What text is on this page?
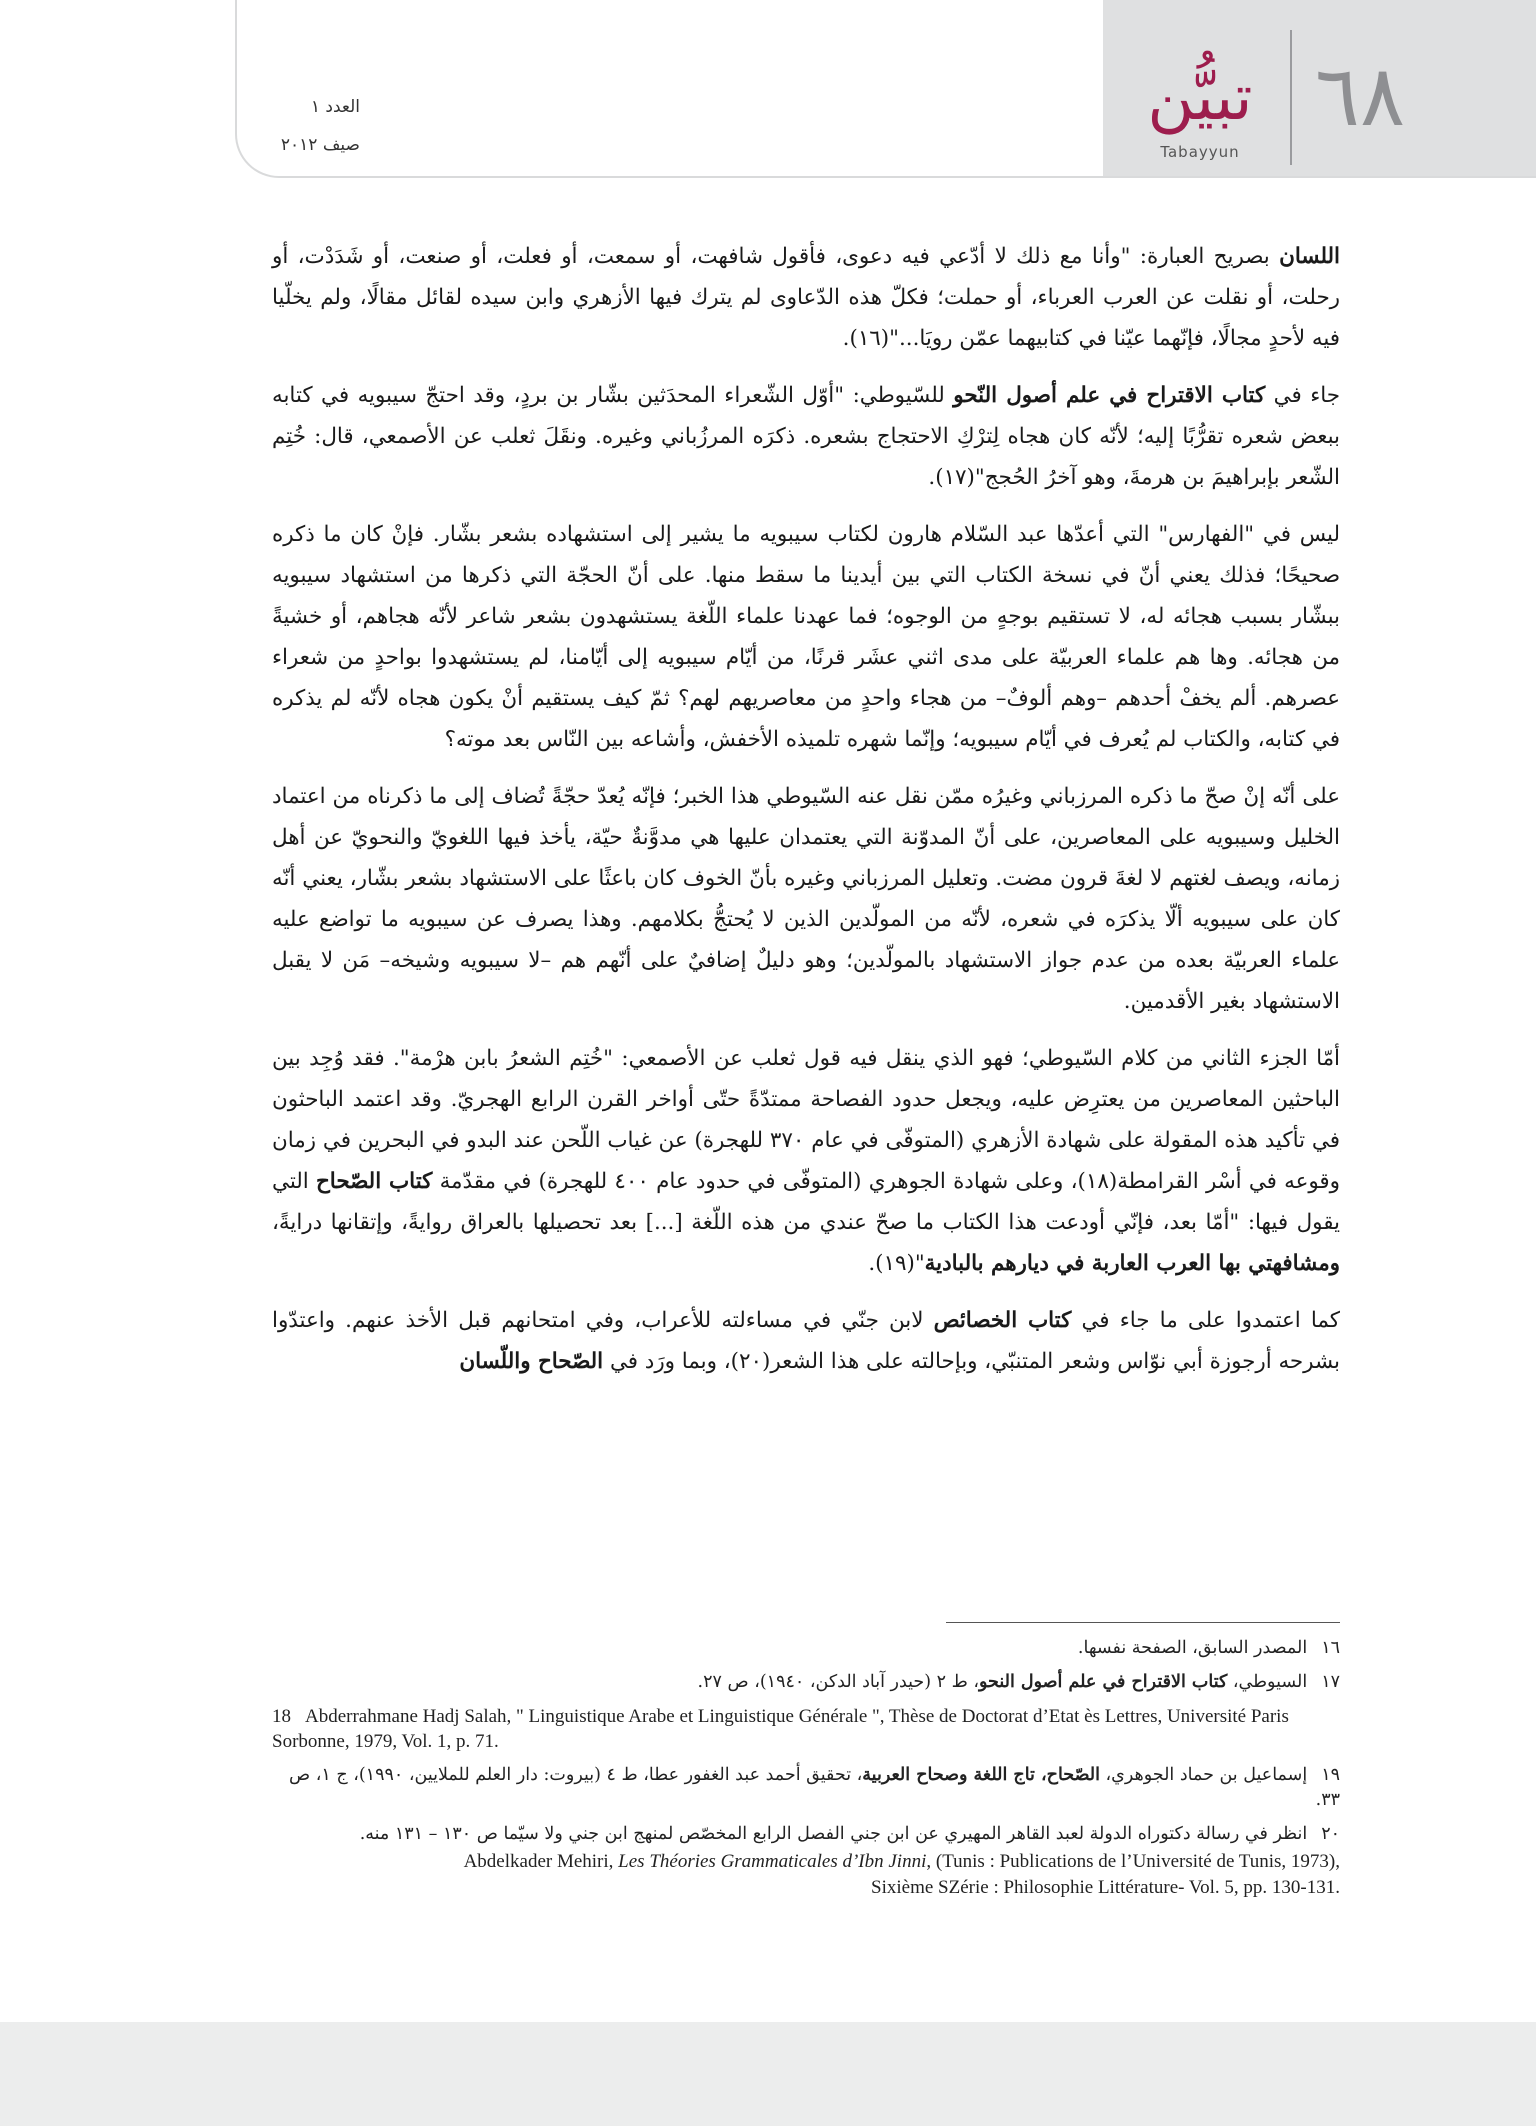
٦٨
تبيُّن
Tabayyun
العدد ١
صيف ٢٠١٢

اللسان بصريح العبارة: "وأنا مع ذلك لا أدّعي فيه دعوى، فأقول شافهت، أو سمعت، أو فعلت، أو صنعت، أو شَدَدْت، أو رحلت، أو نقلت عن العرب العرباء، أو حملت؛ فكلّ هذه الدّعاوى لم يترك فيها الأزهري وابن سيده لقائل مقالًا، ولم يخلّيا فيه لأحدٍ مجالًا، فإنّهما عيّنا في كتابيهما عمّن رويَا..."(١٦).

جاء في كتاب الاقتراح في علم أصول النّحو للسّيوطي: "أوّل الشّعراء المحدَثين بشّار بن بردٍ، وقد احتجّ سيبويه في كتابه ببعض شعره تقرُّبًا إليه؛ لأنّه كان هجاه لِترْكِ الاحتجاج بشعره. ذكرَه المرزُباني وغيره. ونقَلَ ثعلب عن الأصمعي، قال: خُتِم الشّعر بإبراهيمَ بن هرمةَ، وهو آخرُ الحُجج"(١٧).

ليس في "الفهارس" التي أعدّها عبد السّلام هارون لكتاب سيبويه ما يشير إلى استشهاده بشعر بشّار. فإنْ كان ما ذكره صحيحًا؛ فذلك يعني أنّ في نسخة الكتاب التي بين أيدينا ما سقط منها. على أنّ الحجّة التي ذكرها من استشهاد سيبويه ببشّار بسبب هجائه له، لا تستقيم بوجهٍ من الوجوه؛ فما عهدنا علماء اللّغة يستشهدون بشعر شاعر لأنّه هجاهم، أو خشيةً من هجائه. وها هم علماء العربيّة على مدى اثني عشَر قرنًا، من أيّام سيبويه إلى أيّامنا، لم يستشهدوا بواحدٍ من شعراء عصرهم. ألم يخفْ أحدهم –وهم ألوفٌ– من هجاء واحدٍ من معاصريهم لهم؟ ثمّ كيف يستقيم أنْ يكون هجاه لأنّه لم يذكره في كتابه، والكتاب لم يُعرف في أيّام سيبويه؛ وإنّما شهره تلميذه الأخفش، وأشاعه بين النّاس بعد موته؟

على أنّه إنْ صحّ ما ذكره المرزباني وغيرُه ممّن نقل عنه السّيوطي هذا الخبر؛ فإنّه يُعدّ حجّةً تُضاف إلى ما ذكرناه من اعتماد الخليل وسيبويه على المعاصرين، على أنّ المدوّنة التي يعتمدان عليها هي مدوَّنةٌ حيّة، يأخذ فيها اللغويّ والنحويّ عن أهل زمانه، ويصف لغتهم لا لغةَ قرون مضت. وتعليل المرزباني وغيره بأنّ الخوف كان باعثًا على الاستشهاد بشعر بشّار، يعني أنّه كان على سيبويه ألّا يذكرَه في شعره، لأنّه من المولّدين الذين لا يُحتجُّ بكلامهم. وهذا يصرف عن سيبويه ما تواضع عليه علماء العربيّة بعده من عدم جواز الاستشهاد بالمولّدين؛ وهو دليلٌ إضافيٌ على أنّهم هم –لا سيبويه وشيخه– مَن لا يقبل الاستشهاد بغير الأقدمين.

أمّا الجزء الثاني من كلام السّيوطي؛ فهو الذي ينقل فيه قول ثعلب عن الأصمعي: "خُتِم الشعرُ بابن هرْمة". فقد وُجِد بين الباحثين المعاصرين من يعترِض عليه، ويجعل حدود الفصاحة ممتدّةً حتّى أواخر القرن الرابع الهجريّ. وقد اعتمد الباحثون في تأكيد هذه المقولة على شهادة الأزهري (المتوفّى في عام ٣٧٠ للهجرة) عن غياب اللّحن عند البدو في البحرين في زمان وقوعه في أسْر القرامطة(١٨)، وعلى شهادة الجوهري (المتوفّى في حدود عام ٤٠٠ للهجرة) في مقدّمة كتاب الصّحاح التي يقول فيها: "أمّا بعد، فإنّي أودعت هذا الكتاب ما صحّ عندي من هذه اللّغة [...] بعد تحصيلها بالعراق روايةً، وإتقانها درايةً، ومشافهتي بها العرب العاربة في ديارهم بالبادية"(١٩).

كما اعتمدوا على ما جاء في كتاب الخصائص لابن جنّي في مساءلته للأعراب، وفي امتحانهم قبل الأخذ عنهم. واعتدّوا بشرحه أرجوزة أبي نوّاس وشعر المتنبّي، وبإحالته على هذا الشعر(٢٠)، وبما ورَد في الصّحاح واللّسان

١٦المصدر السابق، الصفحة نفسها.
١٧السيوطي، كتاب الاقتراح في علم أصول النحو، ط ٢ (حيدر آباد الدكن، ١٩٤٠)، ص ٢٧.
18 Abderrahmane Hadj Salah, " Linguistique Arabe et Linguistique Générale ", Thèse de Doctorat d’Etat ès Lettres, Université Paris Sorbonne, 1979, Vol. 1, p. 71.
١٩إسماعيل بن حماد الجوهري، الصّحاح، تاج اللغة وصحاح العربية، تحقيق أحمد عبد الغفور عطا، ط ٤ (بيروت: دار العلم للملايين، ١٩٩٠)، ج ١، ص ٣٣.
٢٠انظر في رسالة دكتوراه الدولة لعبد القاهر المهيري عن ابن جني الفصل الرابع المخصّص لمنهج ابن جني ولا سيّما ص ١٣٠ – ١٣١ منه.
Abdelkader Mehiri, Les Théories Grammaticales d’Ibn Jinni, (Tunis : Publications de l’Université de Tunis, 1973),
Sixième SZérie : Philosophie Littérature- Vol. 5, pp. 130-131.
